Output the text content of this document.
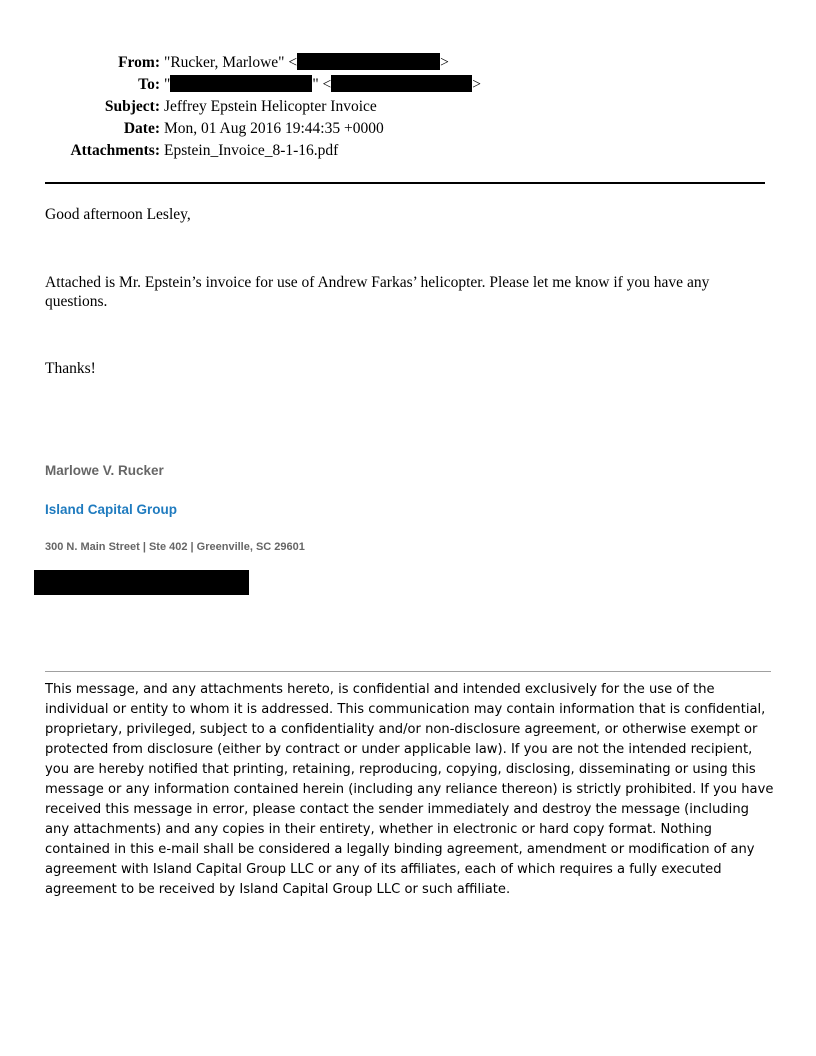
From: "Rucker, Marlowe" <	>
To: "	" <	>
Subject: Jeffrey Epstein Helicopter Invoice
Date: Mon, 01 Aug 2016 19:44:35 +0000
Attachments: Epstein_Invoice_8-1-16.pdf
Good afternoon Lesley,
Attached is Mr. Epstein’s invoice for use of Andrew Farkas’ helicopter. Please let me know if you have any questions.
Thanks!
Marlowe V. Rucker
Island Capital Group
300 N. Main Street | Ste 402 | Greenville, SC 29601
This message, and any attachments hereto, is confidential and intended exclusively for the use of the individual or entity to whom it is addressed. This communication may contain information that is confidential, proprietary, privileged, subject to a confidentiality and/or non-disclosure agreement, or otherwise exempt or protected from disclosure (either by contract or under applicable law). If you are not the intended recipient, you are hereby notified that printing, retaining, reproducing, copying, disclosing, disseminating or using this message or any information contained herein (including any reliance thereon) is strictly prohibited. If you have received this message in error, please contact the sender immediately and destroy the message (including any attachments) and any copies in their entirety, whether in electronic or hard copy format. Nothing contained in this e-mail shall be considered a legally binding agreement, amendment or modification of any agreement with Island Capital Group LLC or any of its affiliates, each of which requires a fully executed agreement to be received by Island Capital Group LLC or such affiliate.
